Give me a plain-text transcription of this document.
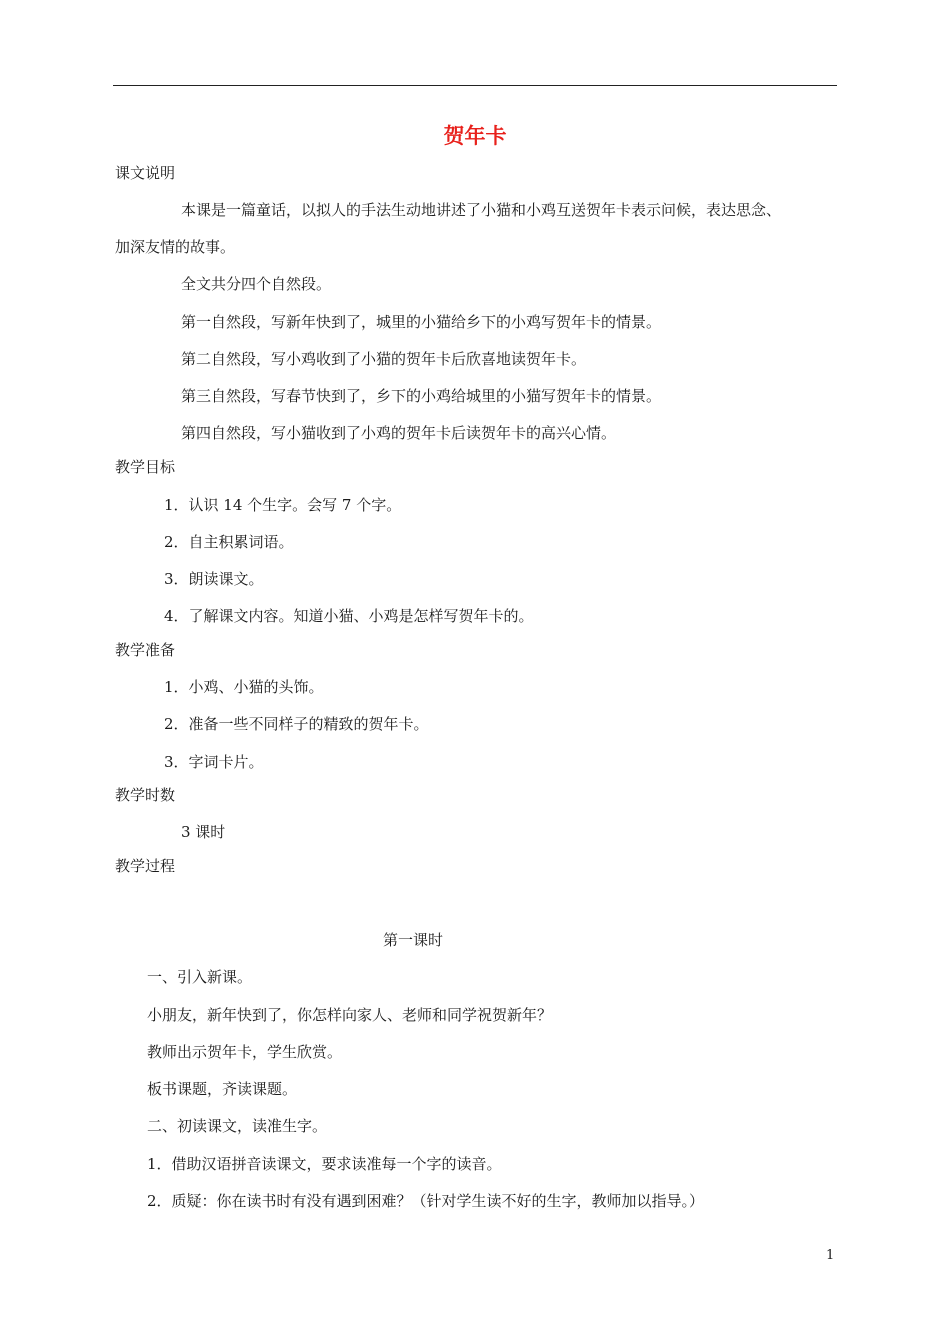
贺年卡
课文说明
本课是一篇童话，以拟人的手法生动地讲述了小猫和小鸡互送贺年卡表示问候，表达思念、
加深友情的故事。
全文共分四个自然段。
第一自然段，写新年快到了，城里的小猫给乡下的小鸡写贺年卡的情景。
第二自然段，写小鸡收到了小猫的贺年卡后欣喜地读贺年卡。
第三自然段，写春节快到了，乡下的小鸡给城里的小猫写贺年卡的情景。
第四自然段，写小猫收到了小鸡的贺年卡后读贺年卡的高兴心情。
教学目标
1．认识 14 个生字。会写 7 个字。
2．自主积累词语。
3．朗读课文。
4．了解课文内容。知道小猫、小鸡是怎样写贺年卡的。
教学准备
1．小鸡、小猫的头饰。
2．准备一些不同样子的精致的贺年卡。
3．字词卡片。
教学时数
3 课时
教学过程
第一课时
一、引入新课。
小朋友，新年快到了，你怎样向家人、老师和同学祝贺新年？
教师出示贺年卡，学生欣赏。
板书课题，齐读课题。
二、初读课文，读准生字。
1．借助汉语拼音读课文，要求读准每一个字的读音。
2．质疑：你在读书时有没有遇到困难？（针对学生读不好的生字，教师加以指导。）
1
